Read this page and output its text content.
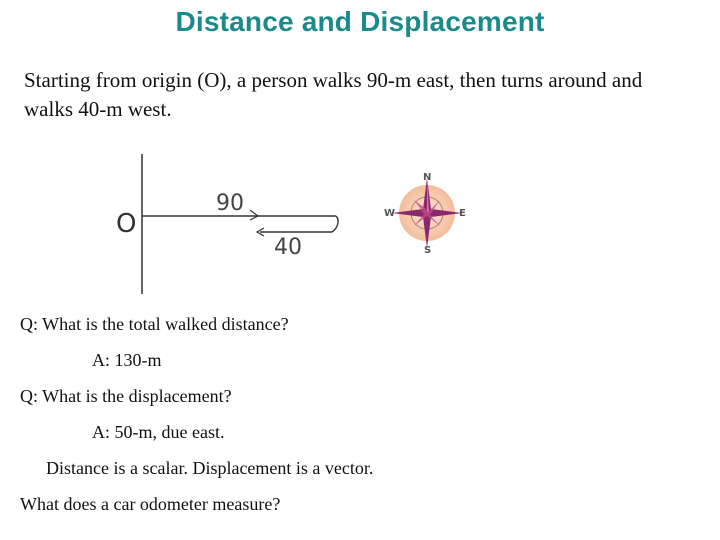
Distance and Displacement
Starting from origin (O), a person walks 90-m east, then turns around and walks 40-m west.
O
90
40
N
S
W	E
Q: What is the total walked distance?
A: 130-m
Q: What is the displacement?
A: 50-m, due east.
Distance is a scalar. Displacement is a vector.
What does a car odometer measure?
